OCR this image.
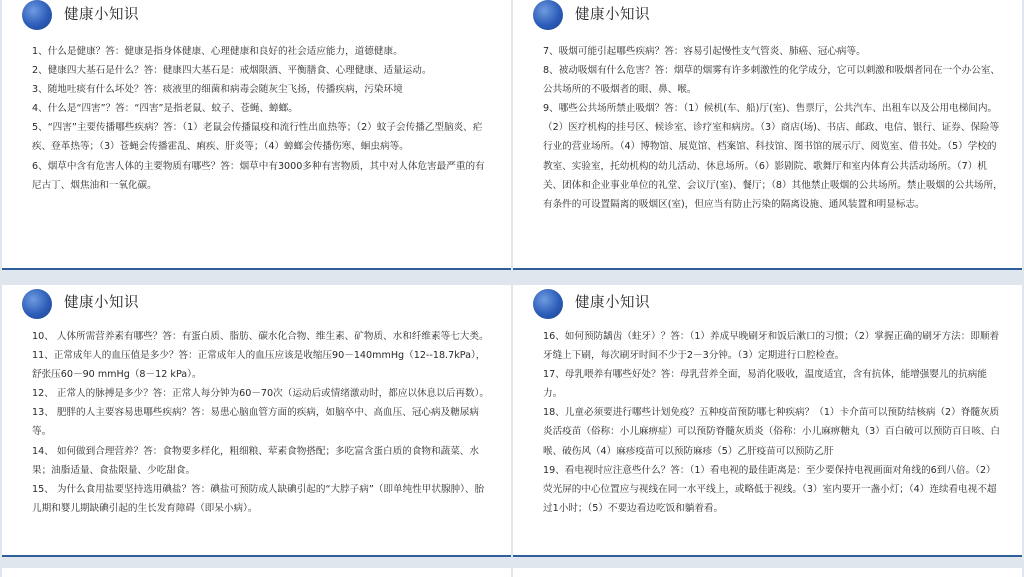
健康小知识

1、什么是健康？答：健康是指身体健康、心理健康和良好的社会适应能力，道德健康。

2、健康四大基石是什么？答：健康四大基石是：戒烟限酒、平衡膳食、心理健康、适量运动。

3、随地吐痰有什么坏处？答：痰液里的细菌和病毒会随灰尘飞扬，传播疾病，污染环境

4、什么是“四害”？答：“四害”是指老鼠、蚊子、苍蝇、蟑螂。

5、“四害”主要传播哪些疾病？答：（1）老鼠会传播鼠疫和流行性出血热等；（2）蚊子会传播乙型脑炎、疟疾、登革热等；（3）苍蝇会传播霍乱、痢疾、肝炎等；（4）蟑螂会传播伤寒、蛔虫病等。

6、烟草中含有危害人体的主要物质有哪些？答：烟草中有3000多种有害物质，其中对人体危害最严重的有尼古丁、烟焦油和一氧化碳。

健康小知识

7、吸烟可能引起哪些疾病？答：容易引起慢性支气管炎、肺癌、冠心病等。

8、被动吸烟有什么危害？答：烟草的烟雾有许多刺激性的化学成分，它可以刺激和吸烟者同在一个办公室、公共场所的不吸烟者的眼、鼻、喉。

9、哪些公共场所禁止吸烟？答：（1）候机(车、船)厅(室)、售票厅，公共汽车、出租车以及公用电梯间内。（2）医疗机构的挂号区、候诊室、诊疗室和病房。（3）商店(场)、书店、邮政、电信、银行、证券、保险等行业的营业场所。（4）博物馆、展览馆、档案馆、科技馆、图书馆的展示厅、阅览室、借书处。（5）学校的教室、实验室，托幼机构的幼儿活动、休息场所。（6）影剧院、歌舞厅和室内体育公共活动场所。（7）机关、团体和企业事业单位的礼堂、会议厅(室)、餐厅；（8）其他禁止吸烟的公共场所。禁止吸烟的公共场所，有条件的可设置隔离的吸烟区(室)，但应当有防止污染的隔离设施、通风装置和明显标志。

健康小知识

10、 人体所需营养素有哪些？答：有蛋白质、脂肪、碳水化合物、维生素、矿物质、水和纤维素等七大类。11、正常成年人的血压值是多少？答：正常成年人的血压应该是收缩压90－140mmHg（12--18.7kPa），舒张压60－90 mmHg（8－12 kPa）。

12、 正常人的脉搏是多少？答：正常人每分钟为60－70次（运动后或情绪激动时，都应以休息以后再数）。

13、 肥胖的人主要容易患哪些疾病？答：易患心脑血管方面的疾病，如脑卒中、高血压、冠心病及糖尿病等。

14、 如何做到合理营养？答：食物要多样化，粗细粮、荤素食物搭配；多吃富含蛋白质的食物和蔬菜、水果；油脂适量、食盐限量、少吃甜食。

15、 为什么食用盐要坚持选用碘盐？答：碘盐可预防成人缺碘引起的“大脖子病”（即单纯性甲状腺肿）、胎儿期和婴儿期缺碘引起的生长发育障碍（即呆小病）。

健康小知识

16、如何预防龋齿（蛀牙）？答：（1）养成早晚刷牙和饭后漱口的习惯；（2）掌握正确的刷牙方法：即顺着牙缝上下刷，每次刷牙时间不少于2－3分钟。（3）定期进行口腔检查。

17、母乳喂养有哪些好处？答：母乳营养全面，易消化吸收，温度适宜，含有抗体，能增强婴儿的抗病能力。

18、儿童必须要进行哪些计划免疫？五种疫苗预防哪七种疾病？（1）卡介苗可以预防结核病（2）脊髓灰质炎活疫苗（俗称：小儿麻痹症）可以预防脊髓灰质炎（俗称：小儿麻痹糖丸（3）百白破可以预防百日咳、白喉、破伤风（4）麻疹疫苗可以预防麻疹（5）乙肝疫苗可以预防乙肝

19、看电视时应注意些什么？答：（1）看电视的最佳距离是：至少要保持电视画面对角线的6到八倍。（2）荧光屏的中心位置应与视线在同一水平线上，或略低于视线。（3）室内要开一盏小灯；（4）连续看电视不超过1小时；（5）不要边看边吃饭和躺着看。
